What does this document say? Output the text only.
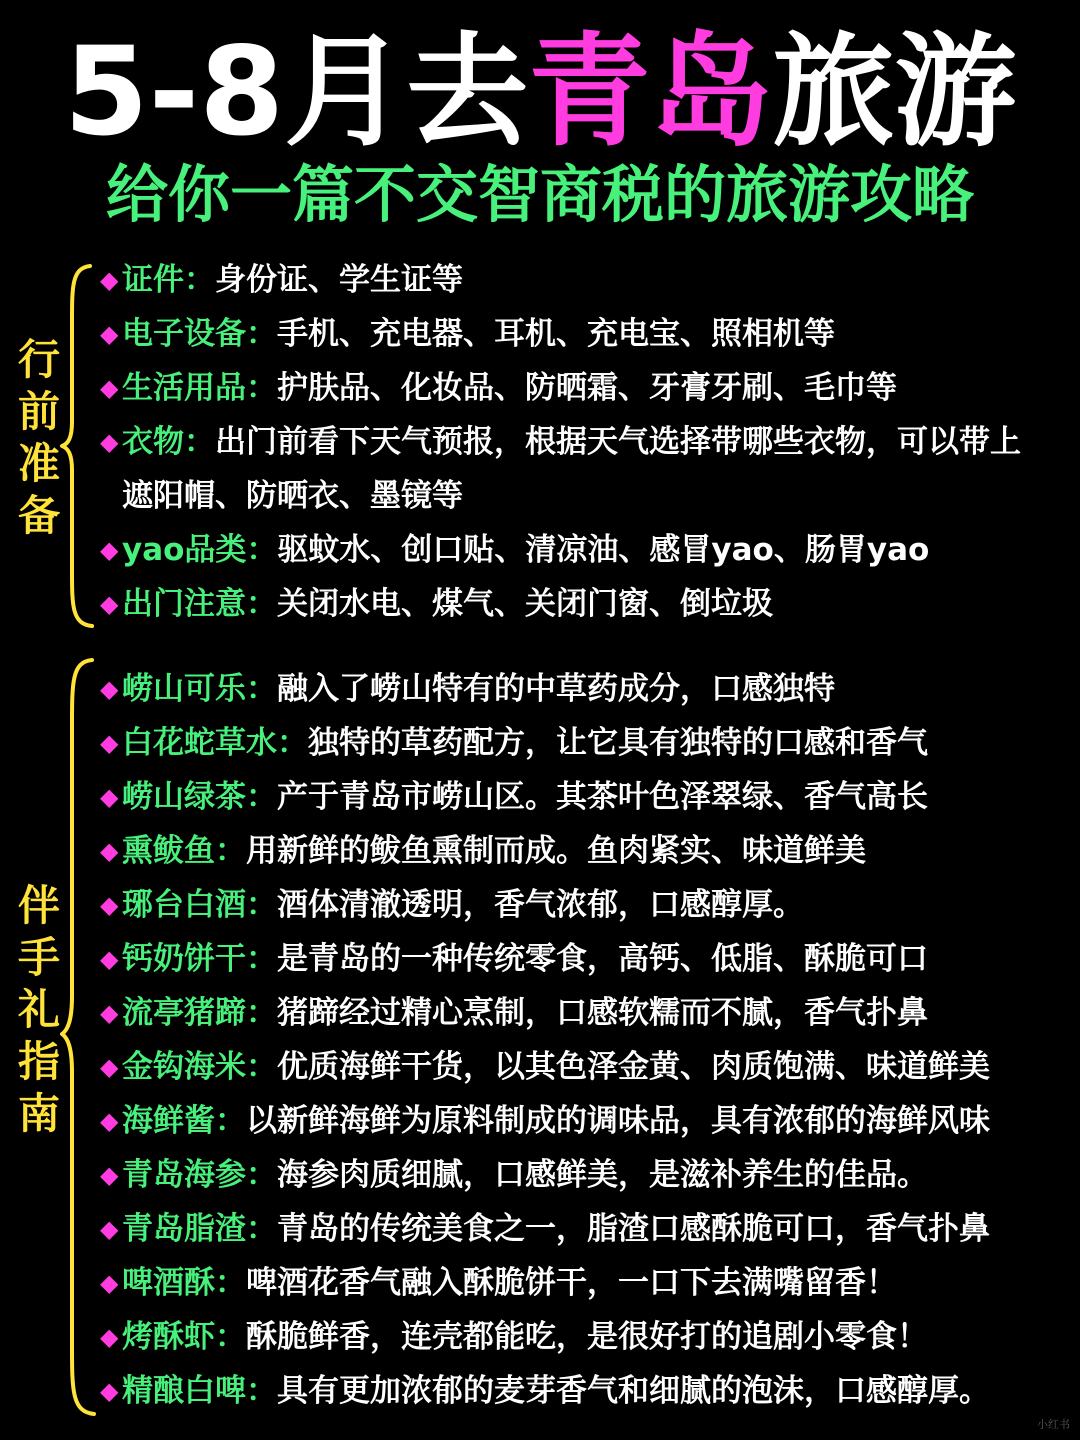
5-8月去青岛旅游
给你一篇不交智商税的旅游攻略
行前准备
◆ 证件：身份证、学生证等
◆ 电子设备：手机、充电器、耳机、充电宝、照相机等
◆ 生活用品：护肤品、化妆品、防晒霜、牙膏牙刷、毛巾等
◆ 衣物：出门前看下天气预报，根据天气选择带哪些衣物，可以带上
遮阳帽、防晒衣、墨镜等
◆ yao品类：驱蚊水、创口贴、清凉油、感冒yao、肠胃yao
◆ 出门注意：关闭水电、煤气、关闭门窗、倒垃圾
伴手礼指南
◆ 崂山可乐：融入了崂山特有的中草药成分，口感独特
◆ 白花蛇草水：独特的草药配方，让它具有独特的口感和香气
◆ 崂山绿茶：产于青岛市崂山区。其茶叶色泽翠绿、香气高长
◆ 熏鲅鱼：用新鲜的鲅鱼熏制而成。鱼肉紧实、味道鲜美
◆ 琊台白酒：酒体清澈透明，香气浓郁，口感醇厚。
◆ 钙奶饼干：是青岛的一种传统零食，高钙、低脂、酥脆可口
◆ 流亭猪蹄：猪蹄经过精心烹制，口感软糯而不腻，香气扑鼻
◆ 金钩海米：优质海鲜干货，以其色泽金黄、肉质饱满、味道鲜美
◆ 海鲜酱：以新鲜海鲜为原料制成的调味品，具有浓郁的海鲜风味
◆ 青岛海参：海参肉质细腻，口感鲜美，是滋补养生的佳品。
◆ 青岛脂渣：青岛的传统美食之一，脂渣口感酥脆可口，香气扑鼻
◆ 啤酒酥：啤酒花香气融入酥脆饼干，一口下去满嘴留香！
◆ 烤酥虾：酥脆鲜香，连壳都能吃，是很好打的追剧小零食！
◆ 精酿白啤：具有更加浓郁的麦芽香气和细腻的泡沫，口感醇厚。
小红书
